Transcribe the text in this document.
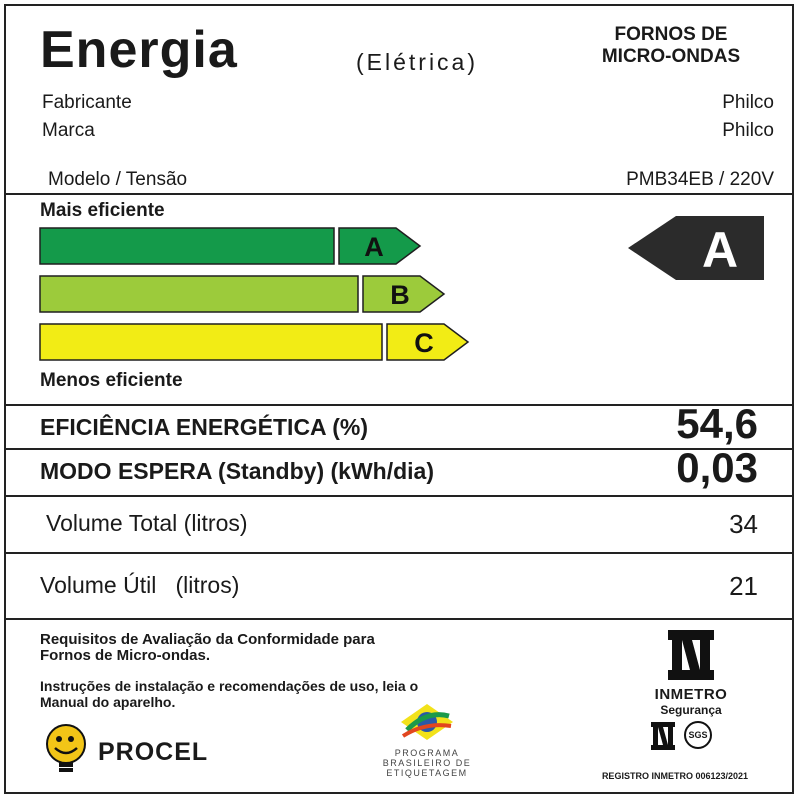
Energia	(Elétrica)
FORNOS DE
MICRO-ONDAS
Fabricante	Philco
Marca	Philco
Modelo / Tensão	PMB34EB / 220V
Mais eficiente
A
B
C
A
Menos eficiente
EFICIÊNCIA ENERGÉTICA (%)	54,6
MODO ESPERA (Standby) (kWh/dia)	0,03
Volume Total (litros)	34
Volume Útil   (litros)	21
Requisitos de Avaliação da Conformidade para
Fornos de Micro-ondas.
Instruções de instalação e recomendações de uso, leia o
Manual do aparelho.
PROCEL	PROGRAMA
BRASILEIRO DE
ETIQUETAGEM
INMETRO
Segurança
SGS
REGISTRO INMETRO 006123/2021
